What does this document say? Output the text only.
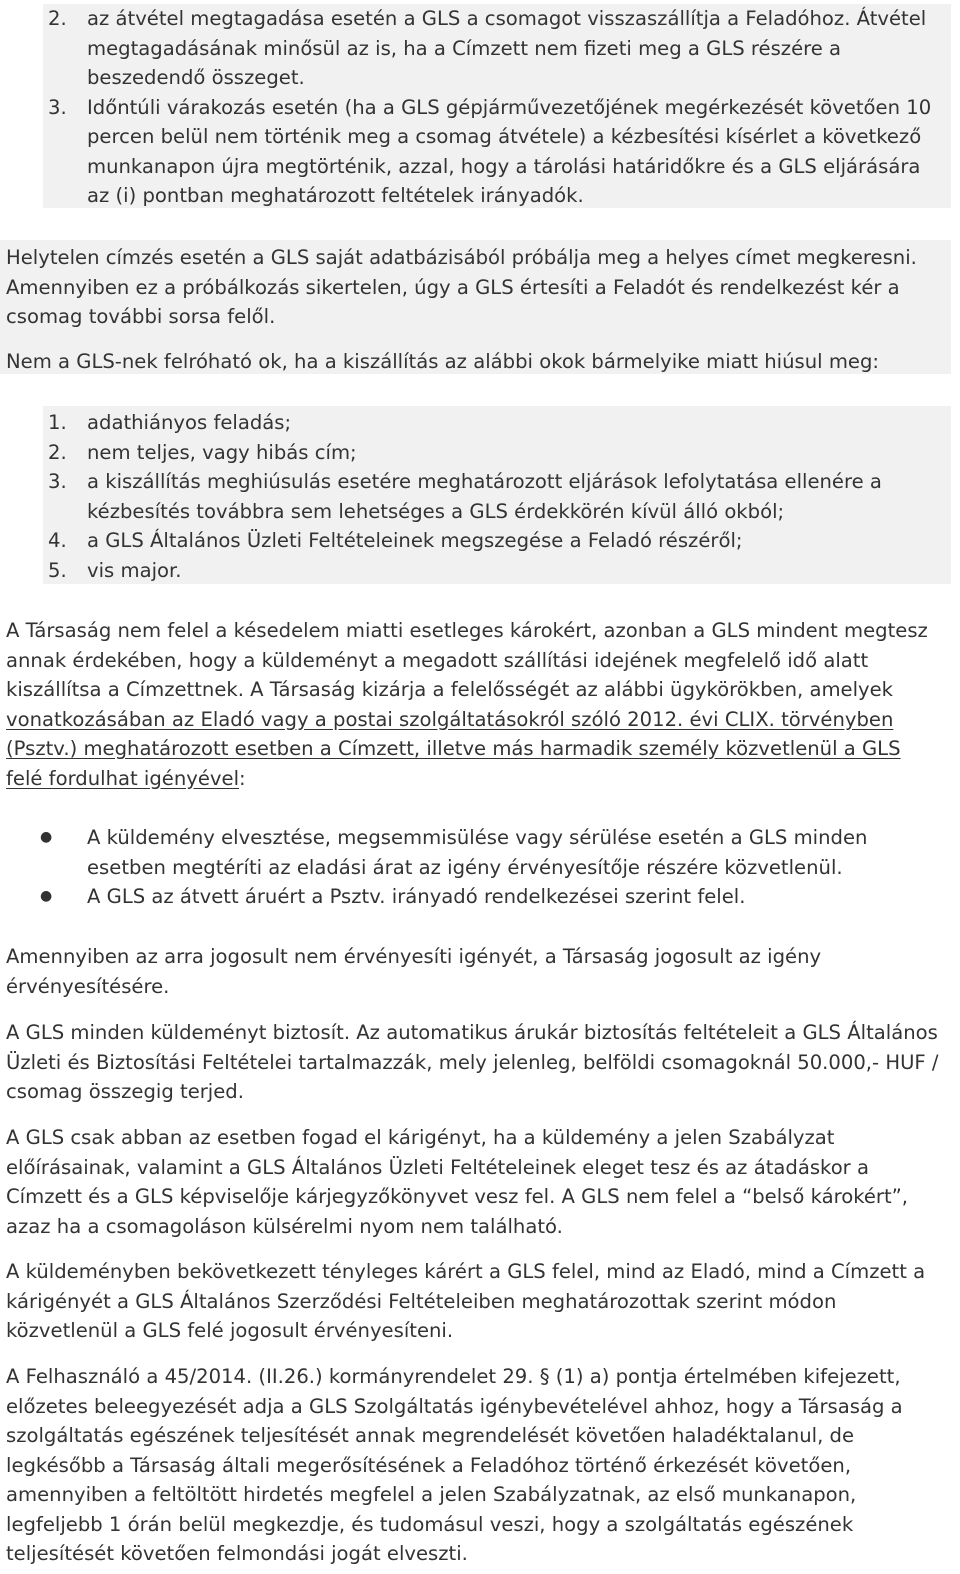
2. az átvétel megtagadása esetén a GLS a csomagot visszaszállítja a Feladóhoz. Átvétel megtagadásának minősül az is, ha a Címzett nem fizeti meg a GLS részére a beszedendő összeget.
3. Időntúli várakozás esetén (ha a GLS gépjárművezetőjének megérkezését követően 10 percen belül nem történik meg a csomag átvétele) a kézbesítési kísérlet a következő munkanapon újra megtörténik, azzal, hogy a tárolási határidőkre és a GLS eljárására az (i) pontban meghatározott feltételek irányadók.

Helytelen címzés esetén a GLS saját adatbázisából próbálja meg a helyes címet megkeresni. Amennyiben ez a próbálkozás sikertelen, úgy a GLS értesíti a Feladót és rendelkezést kér a csomag további sorsa felől.

Nem a GLS-nek felróható ok, ha a kiszállítás az alábbi okok bármelyike miatt hiúsul meg:

1. adathiányos feladás;
2. nem teljes, vagy hibás cím;
3. a kiszállítás meghiúsulás esetére meghatározott eljárások lefolytatása ellenére a kézbesítés továbbra sem lehetséges a GLS érdekkörén kívül álló okból;
4. a GLS Általános Üzleti Feltételeinek megszegése a Feladó részéről;
5. vis major.

A Társaság nem felel a késedelem miatti esetleges károkért, azonban a GLS mindent megtesz annak érdekében, hogy a küldeményt a megadott szállítási idejének megfelelő idő alatt kiszállítsa a Címzettnek. A Társaság kizárja a felelősségét az alábbi ügykörökben, amelyek vonatkozásában az Eladó vagy a postai szolgáltatásokról szóló 2012. évi CLIX. törvényben (Psztv.) meghatározott esetben a Címzett, illetve más harmadik személy közvetlenül a GLS felé fordulhat igényével:

● A küldemény elvesztése, megsemmisülése vagy sérülése esetén a GLS minden esetben megtéríti az eladási árat az igény érvényesítője részére közvetlenül.
● A GLS az átvett áruért a Psztv. irányadó rendelkezései szerint felel.

Amennyiben az arra jogosult nem érvényesíti igényét, a Társaság jogosult az igény érvényesítésére.

A GLS minden küldeményt biztosít. Az automatikus árukár biztosítás feltételeit a GLS Általános Üzleti és Biztosítási Feltételei tartalmazzák, mely jelenleg, belföldi csomagoknál 50.000,- HUF / csomag összegig terjed.

A GLS csak abban az esetben fogad el kárigényt, ha a küldemény a jelen Szabályzat előírásainak, valamint a GLS Általános Üzleti Feltételeinek eleget tesz és az átadáskor a Címzett és a GLS képviselője kárjegyzőkönyvet vesz fel. A GLS nem felel a “belső károkért”, azaz ha a csomagoláson külsérelmi nyom nem található.

A küldeményben bekövetkezett tényleges kárért a GLS felel, mind az Eladó, mind a Címzett a kárigényét a GLS Általános Szerződési Feltételeiben meghatározottak szerint módon közvetlenül a GLS felé jogosult érvényesíteni.

A Felhasználó a 45/2014. (II.26.) kormányrendelet 29. § (1) a) pontja értelmében kifejezett, előzetes beleegyezését adja a GLS Szolgáltatás igénybevételével ahhoz, hogy a Társaság a szolgáltatás egészének teljesítését annak megrendelését követően haladéktalanul, de legkésőbb a Társaság általi megerősítésének a Feladóhoz történő érkezését követően, amennyiben a feltöltött hirdetés megfelel a jelen Szabályzatnak, az első munkanapon, legfeljebb 1 órán belül megkezdje, és tudomásul veszi, hogy a szolgáltatás egészének teljesítését követően felmondási jogát elveszti.
